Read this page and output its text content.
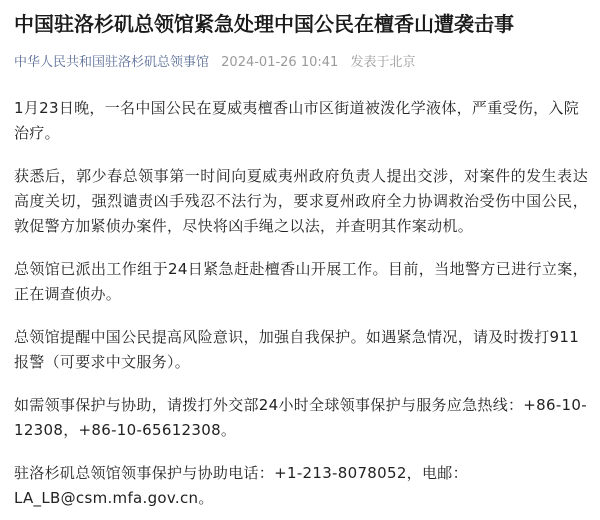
中国驻洛杉矶总领馆紧急处理中国公民在檀香山遭袭击事
中华人民共和国驻洛杉矶总领事馆 2024-01-26 10:41 发表于北京

1月23日晚，一名中国公民在夏威夷檀香山市区街道被泼化学液体，严重受伤，入院治疗。

获悉后，郭少春总领事第一时间向夏威夷州政府负责人提出交涉，对案件的发生表达高度关切，强烈谴责凶手残忍不法行为，要求夏州政府全力协调救治受伤中国公民，敦促警方加紧侦办案件，尽快将凶手绳之以法，并查明其作案动机。

总领馆已派出工作组于24日紧急赶赴檀香山开展工作。目前，当地警方已进行立案，正在调查侦办。

总领馆提醒中国公民提高风险意识，加强自我保护。如遇紧急情况，请及时拨打911报警（可要求中文服务）。

如需领事保护与协助，请拨打外交部24小时全球领事保护与服务应急热线：+86-10-12308，+86-10-65612308。

驻洛杉矶总领馆领事保护与协助电话：+1-213-8078052，电邮：LA_LB@csm.mfa.gov.cn。
